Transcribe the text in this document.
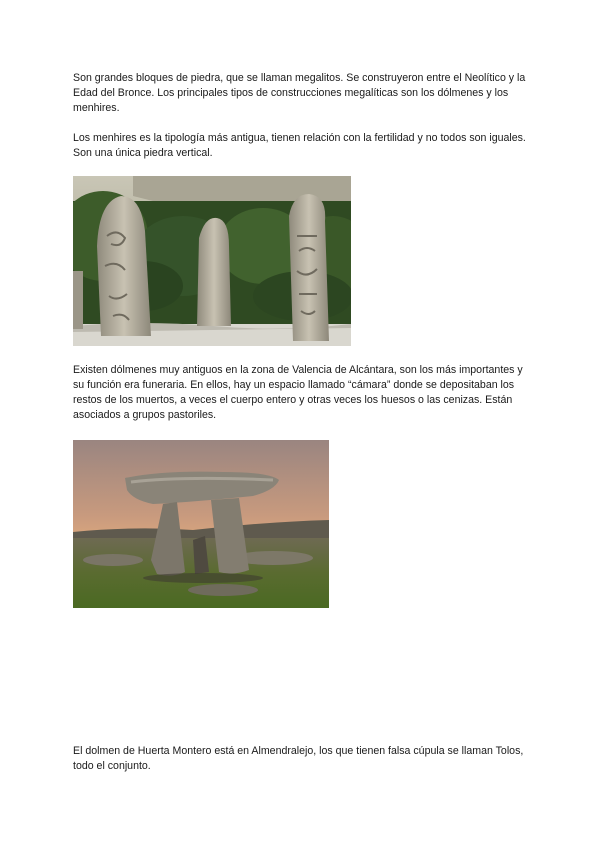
Son grandes bloques de piedra, que se llaman megalitos. Se construyeron entre el Neolítico y la Edad del Bronce. Los principales tipos de construcciones megalíticas son los dólmenes y los menhires.

Los menhires es la tipología más antigua, tienen relación con la fertilidad y no todos son iguales. Son una única piedra vertical.

Existen dólmenes muy antiguos en la zona de Valencia de Alcántara, son los más importantes y su función era funeraria. En ellos, hay un espacio llamado “cámara” donde se depositaban los restos de los muertos, a veces el cuerpo entero y otras veces los huesos o las cenizas. Están asociados a grupos pastoriles.

El dolmen de Huerta Montero está en Almendralejo, los que tienen falsa cúpula se llaman Tolos, todo el conjunto.
